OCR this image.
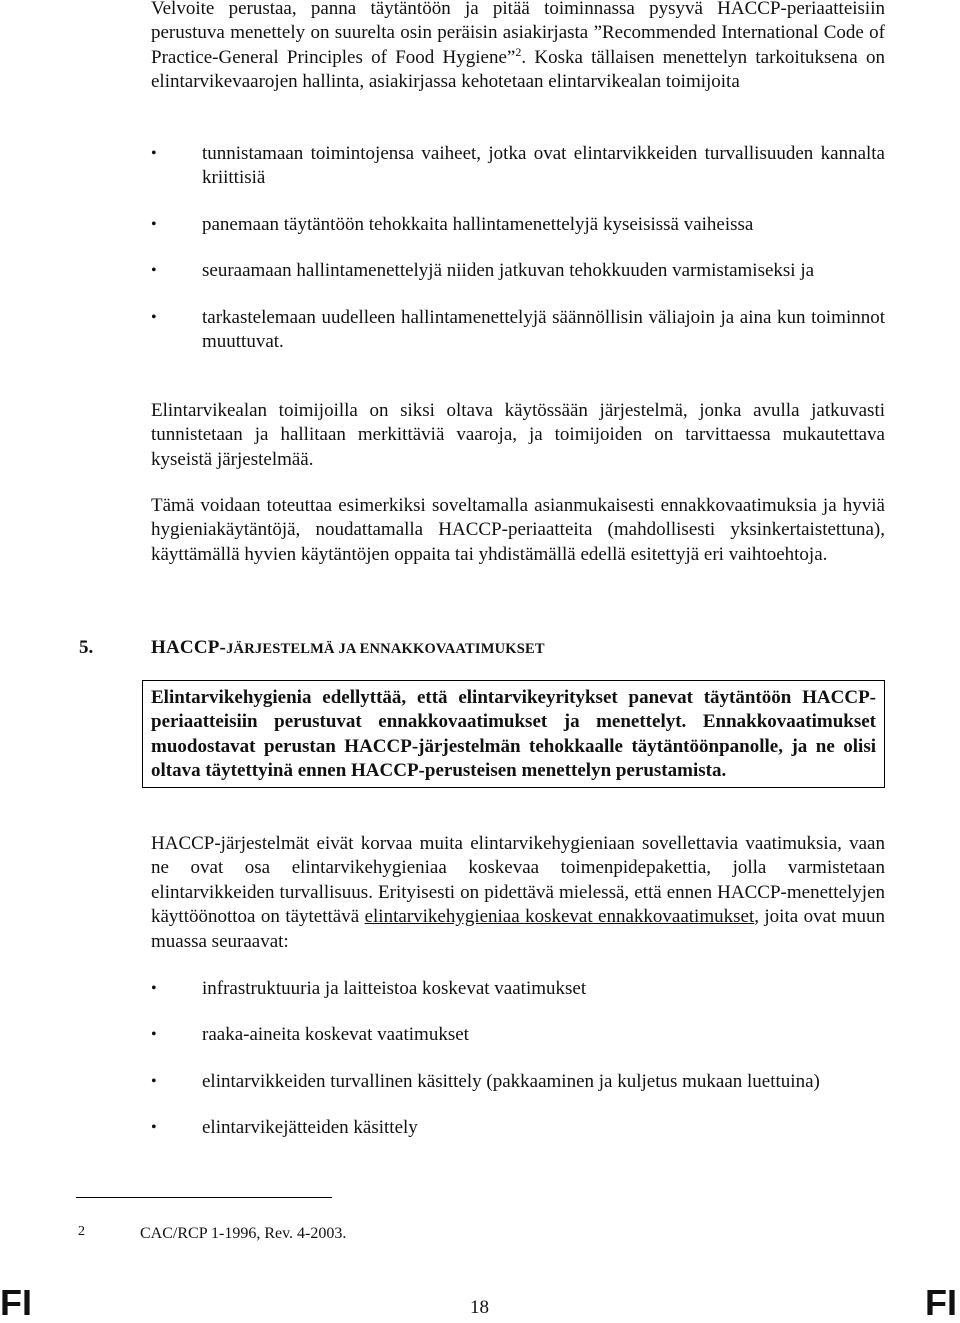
Velvoite perustaa, panna täytäntöön ja pitää toiminnassa pysyvä HACCP-periaatteisiin perustuva menettely on suurelta osin peräisin asiakirjasta ”Recommended International Code of Practice-General Principles of Food Hygiene”$^2$. Koska tällaisen menettelyn tarkoituksena on elintarvikevaarojen hallinta, asiakirjassa kehotetaan elintarvikealan toimijoita
• tunnistamaan toimintojensa vaiheet, jotka ovat elintarvikkeiden turvallisuuden kannalta kriittisiä
• panemaan täytäntöön tehokkaita hallintamenettelyjä kyseisissä vaiheissa
• seuraamaan hallintamenettelyjä niiden jatkuvan tehokkuuden varmistamiseksi ja
• tarkastelemaan uudelleen hallintamenettelyjä säännöllisin väliajoin ja aina kun toiminnot muuttuvat.
Elintarvikealan toimijoilla on siksi oltava käytössään järjestelmä, jonka avulla jatkuvasti tunnistetaan ja hallitaan merkittäviä vaaroja, ja toimijoiden on tarvittaessa mukautettava kyseistä järjestelmää.
Tämä voidaan toteuttaa esimerkiksi soveltamalla asianmukaisesti ennakkovaatimuksia ja hyviä hygieniakäytäntöjä, noudattamalla HACCP-periaatteita (mahdollisesti yksinkertaistettuna), käyttämällä hyvien käytäntöjen oppaita tai yhdistämällä edellä esitettyjä eri vaihtoehtoja.
5.	HACCP-JÄRJESTELMÄ JA ENNAKKOVAATIMUKSET
Elintarvikehygienia edellyttää, että elintarvikeyritykset panevat täytäntöön HACCP-periaatteisiin perustuvat ennakkovaatimukset ja menettelyt. Ennakkovaatimukset muodostavat perustan HACCP-järjestelmän tehokkaalle täytäntöönpanolle, ja ne olisi oltava täytettyinä ennen HACCP-perusteisen menettelyn perustamista.
HACCP-järjestelmät eivät korvaa muita elintarvikehygieniaan sovellettavia vaatimuksia, vaan ne ovat osa elintarvikehygieniaa koskevaa toimenpidepakettia, jolla varmistetaan elintarvikkeiden turvallisuus. Erityisesti on pidettävä mielessä, että ennen HACCP-menettelyjen käyttöönottoa on täytettävä elintarvikehygieniaa koskevat ennakkovaatimukset, joita ovat muun muassa seuraavat:
• infrastruktuuria ja laitteistoa koskevat vaatimukset
• raaka-aineita koskevat vaatimukset
• elintarvikkeiden turvallinen käsittely (pakkaaminen ja kuljetus mukaan luettuina)
• elintarvikejätteiden käsittely
2	CAC/RCP 1-1996, Rev. 4-2003.
FI	18	FI
